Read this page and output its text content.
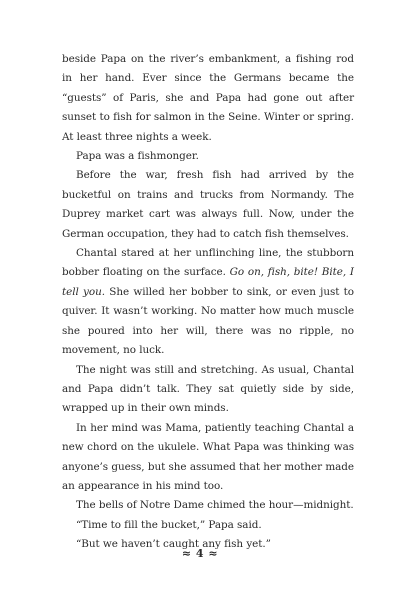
beside Papa on the river’s embankment, a fishing rod in her hand. Ever since the Germans became the “guests” of Paris, she and Papa had gone out after sunset to fish for salmon in the Seine. Winter or spring. At least three nights a week.

Papa was a fishmonger.

Before the war, fresh fish had arrived by the bucketful on trains and trucks from Normandy. The Duprey market cart was always full. Now, under the German occupation, they had to catch fish themselves.

Chantal stared at her unflinching line, the stubborn bobber floating on the surface. Go on, fish, bite! Bite, I tell you. She willed her bobber to sink, or even just to quiver. It wasn’t working. No matter how much muscle she poured into her will, there was no ripple, no movement, no luck.

The night was still and stretching. As usual, Chantal and Papa didn’t talk. They sat quietly side by side, wrapped up in their own minds.

In her mind was Mama, patiently teaching Chantal a new chord on the ukulele. What Papa was thinking was anyone’s guess, but she assumed that her mother made an appearance in his mind too.

The bells of Notre Dame chimed the hour—midnight.

“Time to fill the bucket,” Papa said.

“But we haven’t caught any fish yet.”

≈ 4 ≈
